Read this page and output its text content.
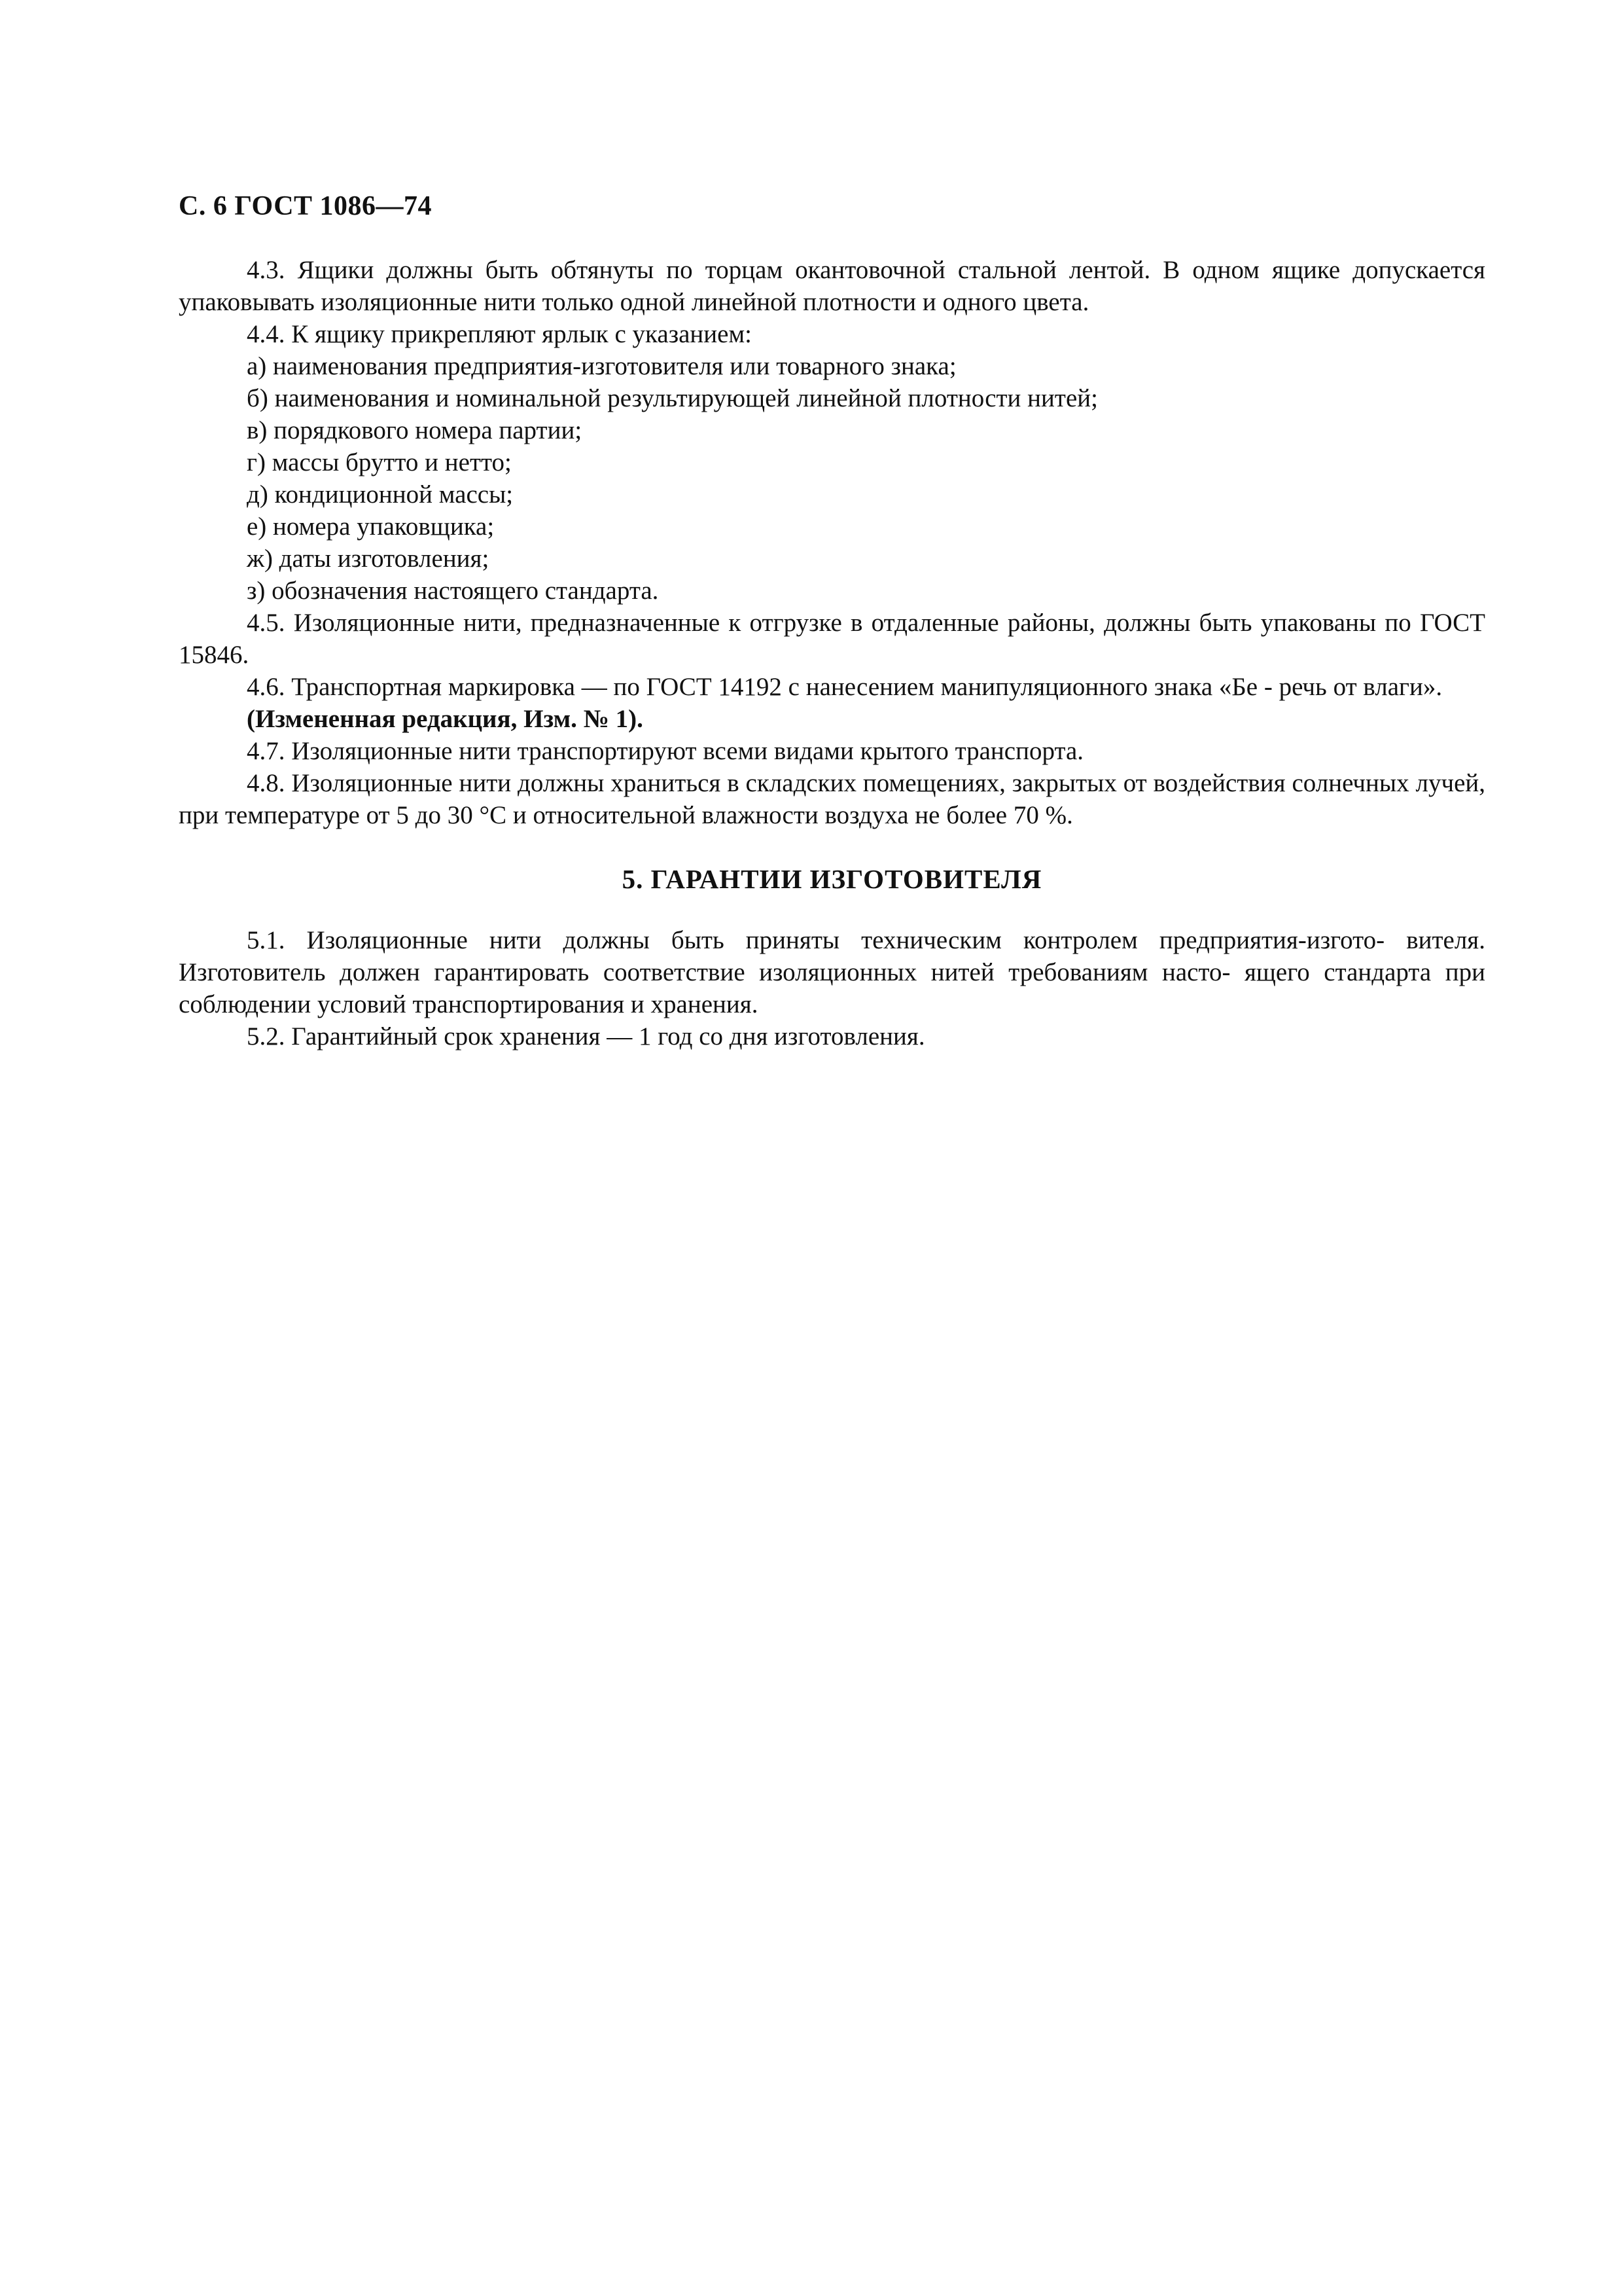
С. 6 ГОСТ 1086—74

4.3. Ящики должны быть обтянуты по торцам окантовочной стальной лентой. В одном ящике допускается упаковывать изоляционные нити только одной линейной плотности и одного цвета.

4.4. К ящику прикрепляют ярлык с указанием:

а) наименования предприятия-изготовителя или товарного знака;

б) наименования и номинальной результирующей линейной плотности нитей;

в) порядкового номера партии;

г) массы брутто и нетто;

д) кондиционной массы;

е) номера упаковщика;

ж) даты изготовления;

з) обозначения настоящего стандарта.

4.5. Изоляционные нити, предназначенные к отгрузке в отдаленные районы, должны быть упакованы по ГОСТ 15846.

4.6. Транспортная маркировка — по ГОСТ 14192 с нанесением манипуляционного знака «Бе - речь от влаги».

(Измененная редакция, Изм. № 1).

4.7. Изоляционные нити транспортируют всеми видами крытого транспорта.

4.8. Изоляционные нити должны храниться в складских помещениях, закрытых от воздействия солнечных лучей, при температуре от 5 до 30 °С и относительной влажности воздуха не более 70 %.

5. ГАРАНТИИ ИЗГОТОВИТЕЛЯ

5.1. Изоляционные нити должны быть приняты техническим контролем предприятия-изгото- вителя. Изготовитель должен гарантировать соответствие изоляционных нитей требованиям насто- ящего стандарта при соблюдении условий транспортирования и хранения.

5.2. Гарантийный срок хранения — 1 год со дня изготовления.
